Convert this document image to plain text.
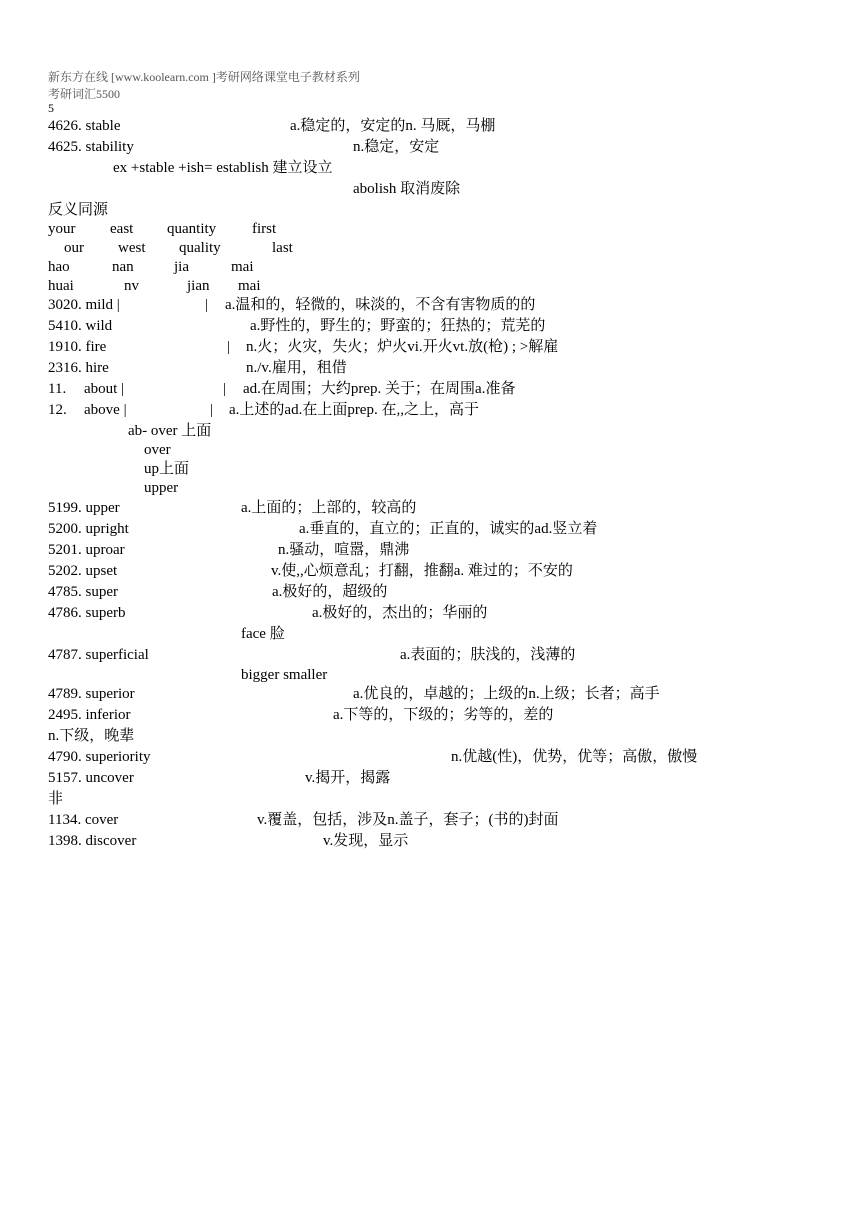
新东方在线 [www.koolearn.com ]考研网络课堂电子教材系列
考研词汇5500
5
4626. stable	a.稳定的，安定的n. 马厩，马棚
4625. stability	n.稳定，安定
ex +stable +ish= establish 建立设立
abolish 取消废除
反义同源
your east quantity first
our west quality	last
hao	nan	jia	mai
huai	nv	jian mai
3020. mild |	| a.温和的，轻微的，味淡的，不含有害物质的的
5410. wild	a.野性的，野生的；野蛮的；狂热的；荒芜的
1910. fire	| n.火；火灾，失火；炉火vi.开火vt.放(枪) ; >解雇
2316. hire	n./v.雇用，租借
11. about |	| ad.在周围；大约prep. 关于；在周围a.准备
12. above |	| a.上述的ad.在上面prep. 在,,之上，高于
ab- over 上面
over
up上面
upper
5199. upper	a.上面的；上部的，较高的
5200. upright	a.垂直的，直立的；正直的，诚实的ad.竖立着
5201. uproar	n.骚动，喧嚣，鼎沸
5202. upset	v.使,,心烦意乱；打翻，推翻a. 难过的；不安的
4785. super	a.极好的，超级的
4786. superb	a.极好的，杰出的；华丽的
face 脸
4787. superficial	a.表面的；肤浅的，浅薄的
bigger smaller
4789. superior	a.优良的，卓越的；上级的n.上级；长者；高手
2495. inferior	a.下等的，下级的；劣等的，差的
n.下级，晚辈
4790. superiority	n.优越(性)，优势，优等；高傲，傲慢
5157. uncover	v.揭开，揭露
非
1134. cover	v.覆盖，包括，涉及n.盖子，套子；(书的)封面
1398. discover	v.发现，显示
